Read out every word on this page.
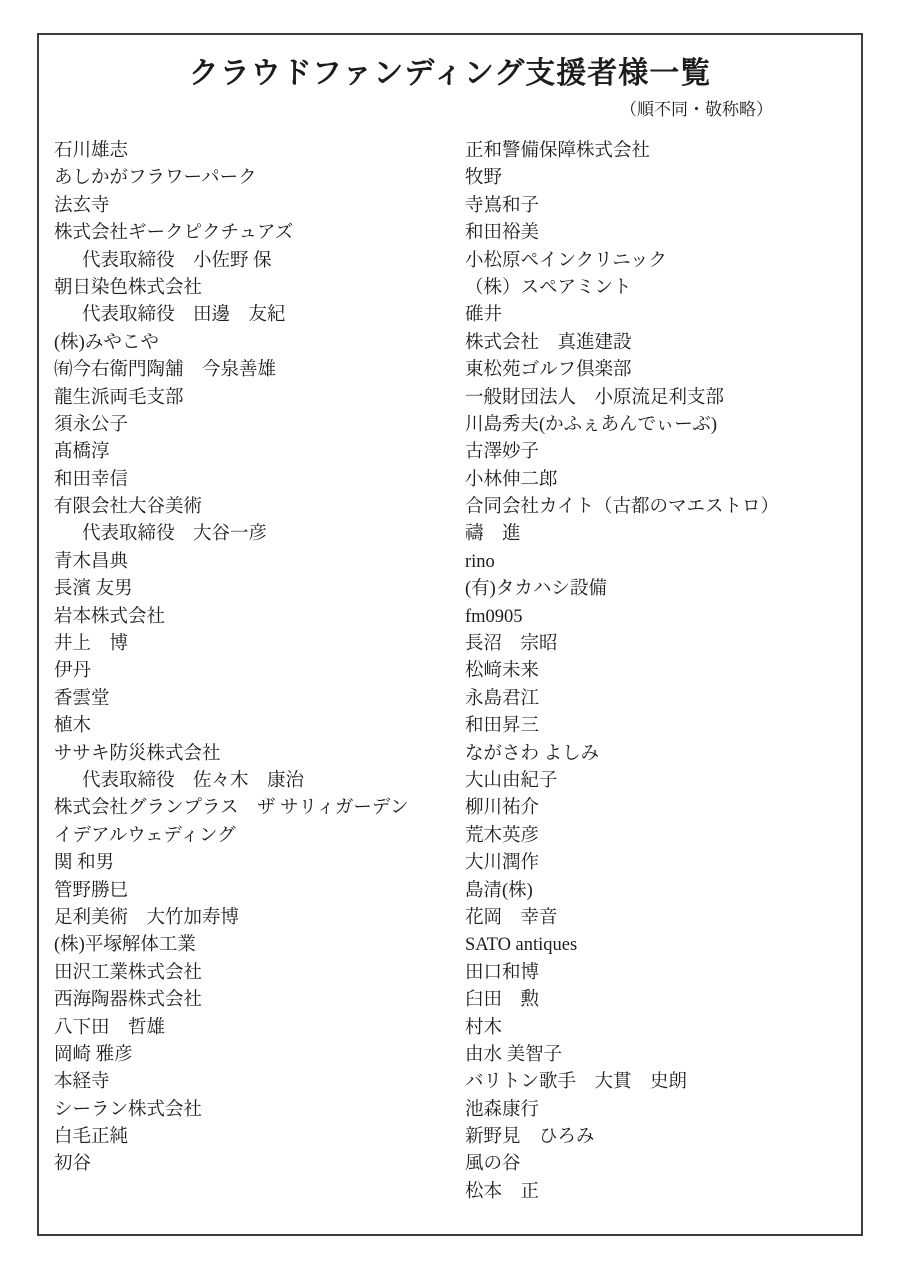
クラウドファンディング支援者様一覧
（順不同・敬称略）
石川雄志
あしかがフラワーパーク
法玄寺
株式会社ギークピクチュアズ
代表取締役　小佐野 保
朝日染色株式会社
代表取締役　田邊　友紀
(株)みやこや
㈲今右衛門陶舗　今泉善雄
龍生派両毛支部
須永公子
髙橋淳
和田幸信
有限会社大谷美術
代表取締役　大谷一彦
青木昌典
長濱 友男
岩本株式会社
井上　博
伊丹
香雲堂
植木
ササキ防災株式会社
代表取締役　佐々木　康治
株式会社グランプラス　ザ サリィガーデン
イデアルウェディング
関 和男
管野勝巳
足利美術　大竹加寿博
(株)平塚解体工業
田沢工業株式会社
西海陶器株式会社
八下田　哲雄
岡崎 雅彦
本経寺
シーラン株式会社
白毛正純
初谷
正和警備保障株式会社
牧野
寺嶌和子
和田裕美
小松原ペインクリニック
（株）スペアミント
碓井
株式会社　真進建設
東松苑ゴルフ倶楽部
一般財団法人　小原流足利支部
川島秀夫(かふぇあんでぃーぶ)
古澤妙子
小林伸二郎
合同会社カイト（古都のマエストロ）
禱　進
rino
(有)タカハシ設備
fm0905
長沼　宗昭
松﨑未来
永島君江
和田昇三
ながさわ よしみ
大山由紀子
柳川祐介
荒木英彦
大川潤作
島清(株)
花岡　幸音
SATO antiques
田口和博
臼田　勲
村木
由水 美智子
バリトン歌手　大貫　史朗
池森康行
新野見　ひろみ
風の谷
松本　正
